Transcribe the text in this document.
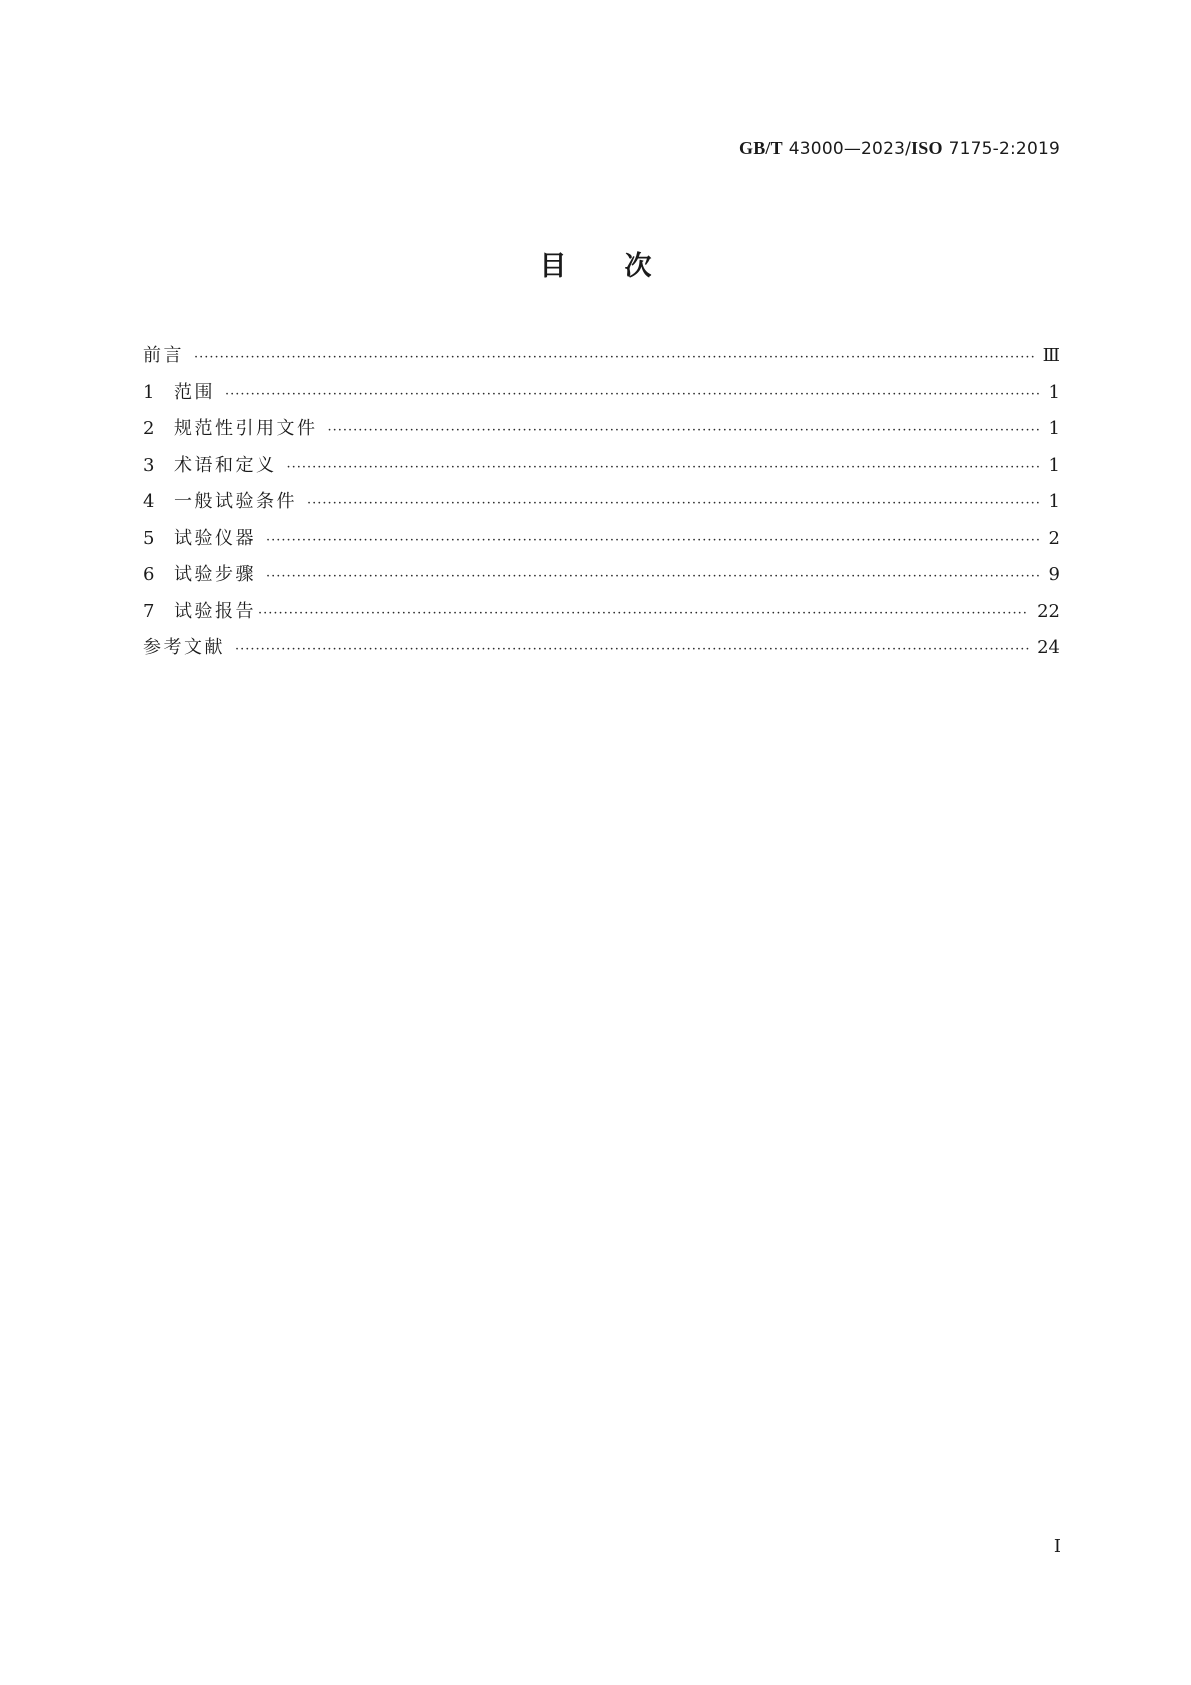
GB/T 43000—2023/ISO 7175-2:2019
目次
前言 ·····	Ⅲ
1	范围 ·····	1
2	规范性引用文件 ·····	1
3	术语和定义 ·····	1
4	一般试验条件 ·····	1
5	试验仪器 ·····	2
6	试验步骤 ·····	9
7	试验报告 ·····	22
参考文献 ·····	24
Ⅰ
